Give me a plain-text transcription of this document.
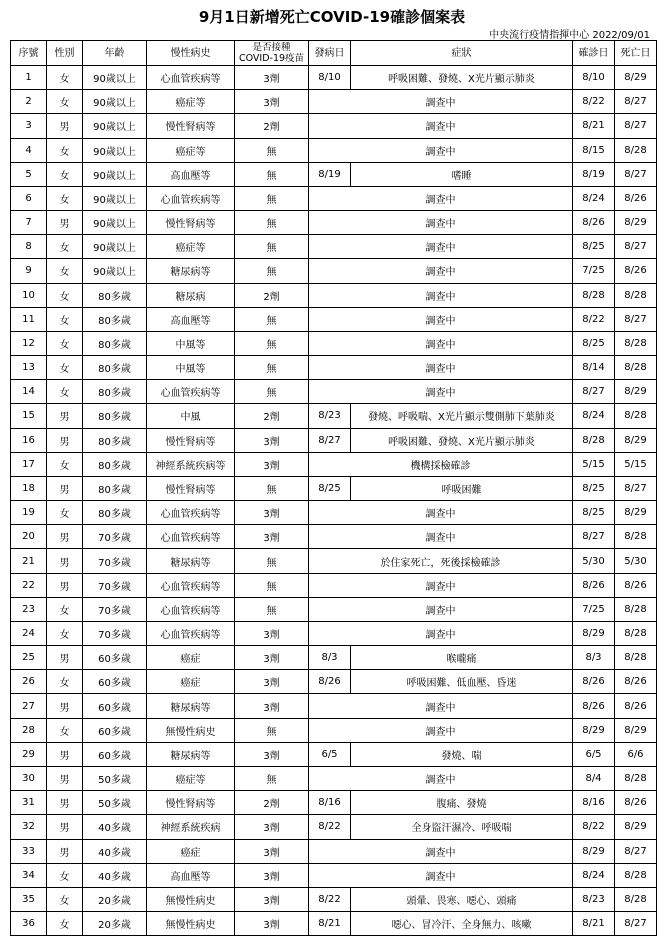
9月1日新增死亡COVID-19確診個案表
中央流行疫情指揮中心 2022/09/01
序號	性別	年齡	慢性病史	是否接種
COVID-19疫苗	發病日	症狀	確診日	死亡日
1	女	90歲以上	心血管疾病等	3劑	8/10	呼吸困難、發燒、X光片顯示肺炎	8/10	8/29
2	女	90歲以上	癌症等	3劑	調查中		8/22	8/27
3	男	90歲以上	慢性腎病等	2劑	調查中		8/21	8/27
4	女	90歲以上	癌症等	無	調查中		8/15	8/28
5	女	90歲以上	高血壓等	無	8/19	嗜睡	8/19	8/27
6	女	90歲以上	心血管疾病等	無	調查中		8/24	8/26
7	男	90歲以上	慢性腎病等	無	調查中		8/26	8/29
8	女	90歲以上	癌症等	無	調查中		8/25	8/27
9	女	90歲以上	糖尿病等	無	調查中		7/25	8/26
10	女	80多歲	糖尿病	2劑	調查中		8/28	8/28
11	女	80多歲	高血壓等	無	調查中		8/22	8/27
12	女	80多歲	中風等	無	調查中		8/25	8/28
13	女	80多歲	中風等	無	調查中		8/14	8/28
14	女	80多歲	心血管疾病等	無	調查中		8/27	8/29
15	男	80多歲	中風	2劑	8/23	發燒、呼吸喘、X光片顯示雙側肺下葉肺炎	8/24	8/28
16	男	80多歲	慢性腎病等	3劑	8/27	呼吸困難、發燒、X光片顯示肺炎	8/28	8/29
17	女	80多歲	神經系統疾病等	3劑	機構採檢確診		5/15	5/15
18	男	80多歲	慢性腎病等	無	8/25	呼吸困難	8/25	8/27
19	女	80多歲	心血管疾病等	3劑	調查中		8/25	8/29
20	男	70多歲	心血管疾病等	3劑	調查中		8/27	8/28
21	男	70多歲	糖尿病等	無	於住家死亡，死後採檢確診		5/30	5/30
22	男	70多歲	心血管疾病等	無	調查中		8/26	8/26
23	女	70多歲	心血管疾病等	無	調查中		7/25	8/28
24	女	70多歲	心血管疾病等	3劑	調查中		8/29	8/28
25	男	60多歲	癌症	3劑	8/3	喉嚨痛	8/3	8/28
26	女	60多歲	癌症	3劑	8/26	呼吸困難、低血壓、昏迷	8/26	8/26
27	男	60多歲	糖尿病等	3劑	調查中		8/26	8/26
28	女	60多歲	無慢性病史	無	調查中		8/29	8/29
29	男	60多歲	糖尿病等	3劑	6/5	發燒、喘	6/5	6/6
30	男	50多歲	癌症等	無	調查中		8/4	8/28
31	男	50多歲	慢性腎病等	2劑	8/16	腹痛、發燒	8/16	8/26
32	男	40多歲	神經系統疾病	3劑	8/22	全身盜汗濕冷、呼吸喘	8/22	8/29
33	男	40多歲	癌症	3劑	調查中		8/29	8/27
34	女	40多歲	高血壓等	3劑	調查中		8/24	8/28
35	女	20多歲	無慢性病史	3劑	8/22	頭暈、畏寒、噁心、頭痛	8/23	8/28
36	女	20多歲	無慢性病史	3劑	8/21	噁心、冒冷汗、全身無力、咳嗽	8/21	8/27
